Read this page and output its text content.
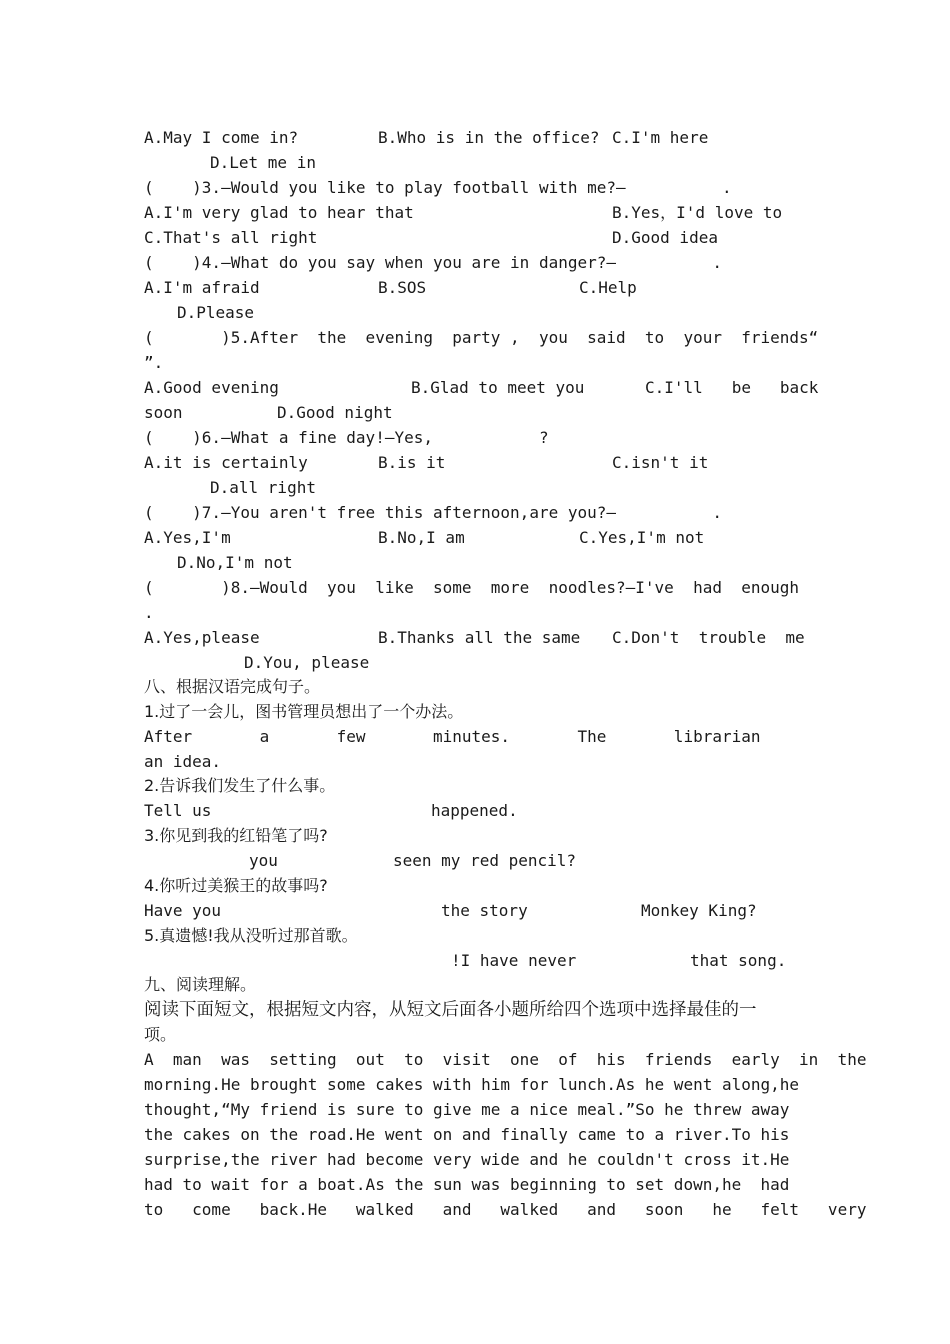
A.May I come in?	B.Who is in the office? C.I'm here
D.Let me in
(    )3.—Would you like to play football with me?—          .
A.I'm very glad to hear that	B.Yes，I'd love to
C.That's all right	D.Good idea
(    )4.—What do you say when you are in danger?—          .
A.I'm afraid	B.SOS	C.Help
D.Please
(       )5.After  the  evening  party ,  you  said  to  your  friends“
”.
A.Good evening	B.Glad to meet you	C.I'll   be   back
soon	D.Good night
(    )6.—What a fine day!—Yes,           ?
A.it is certainly	B.is it	C.isn't it
D.all right
(    )7.—You aren't free this afternoon,are you?—          .
A.Yes,I'm	B.No,I am	C.Yes,I'm not
D.No,I'm not
(       )8.—Would  you  like  some  more  noodles?—I've  had  enough
.
A.Yes,please	B.Thanks all the same C.Don't  trouble  me
D.You, please
八、根据汉语完成句子。
1.过了一会儿，图书管理员想出了一个办法。
After       a       few       minutes.       The       librarian
an idea.
2.告诉我们发生了什么事。
Tell us	happened.
3.你见到我的红铅笔了吗?
you	seen my red pencil?
4.你听过美猴王的故事吗?
Have you	the story	Monkey King?
5.真遗憾!我从没听过那首歌。
!I have never	that song.
九、阅读理解。
阅读下面短文，根据短文内容，从短文后面各小题所给四个选项中选择最佳的一
项。
A  man  was  setting  out  to  visit  one  of  his  friends  early  in  the
morning.He brought some cakes with him for lunch.As he went along,he
thought,“My friend is sure to give me a nice meal.”So he threw away
the cakes on the road.He went on and finally came to a river.To his
surprise,the river had become very wide and he couldn't cross it.He
had to wait for a boat.As the sun was beginning to set down,he  had
to   come   back.He   walked   and   walked   and   soon   he   felt   very
